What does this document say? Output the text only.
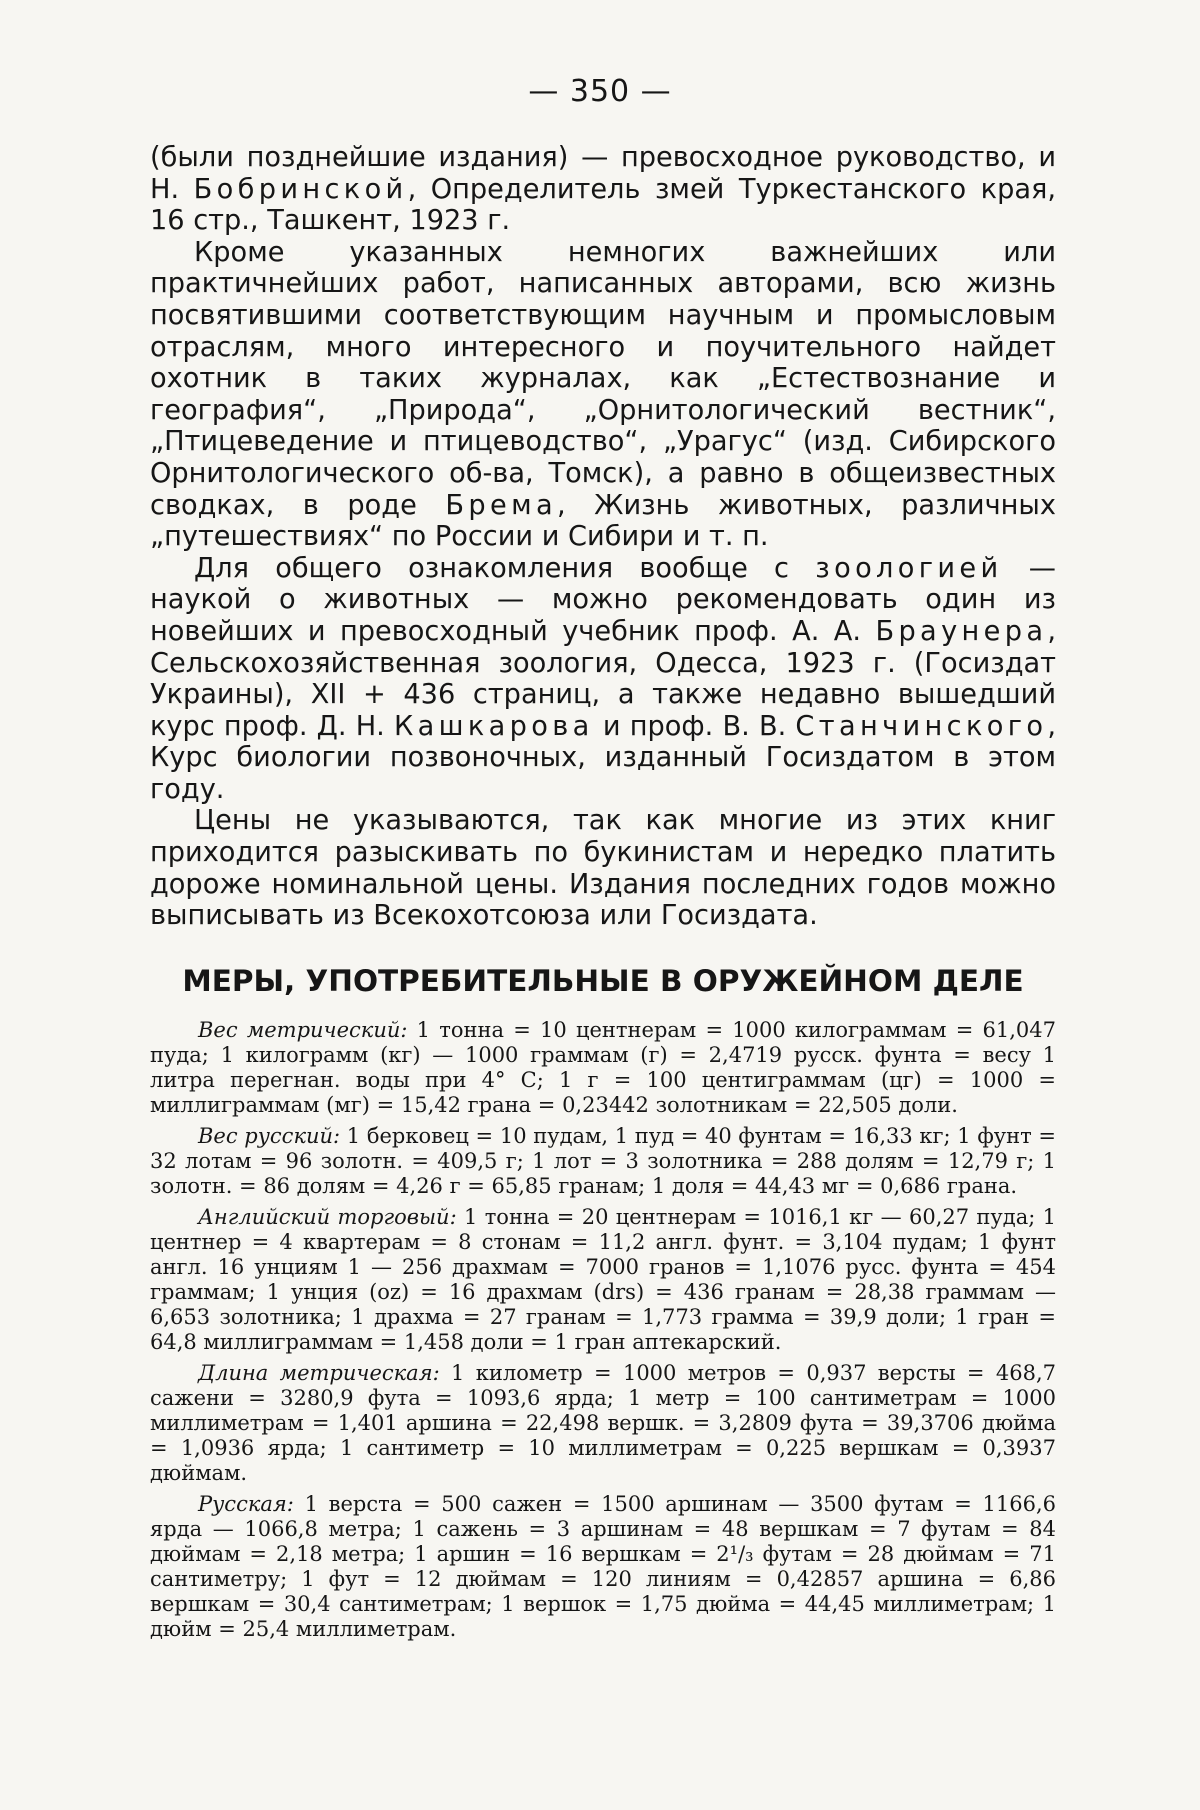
— 350 —

(были позднейшие издания) — превосходное руководство, и Н. Бобринской, Определитель змей Туркестанского края, 16 стр., Ташкент, 1923 г.

Кроме указанных немногих важнейших или практичнейших работ, написанных авторами, всю жизнь посвятившими соответствующим научным и промысловым отраслям, много интересного и поучительного найдет охотник в таких журналах, как „Естествознание и география“, „Природа“, „Орнитологический вестник“, „Птицеведение и птицеводство“, „Урагус“ (изд. Сибирского Орнитологического об-ва, Томск), а равно в общеизвестных сводках, в роде Брема, Жизнь животных, различных „путешествиях“ по России и Сибири и т. п.

Для общего ознакомления вообще с зоологией — наукой о животных — можно рекомендовать один из новейших и превосходный учебник проф. А. А. Браунера, Сельскохозяйственная зоология, Одесса, 1923 г. (Госиздат Украины), XII + 436 страниц, а также недавно вышедший курс проф. Д. Н. Кашкарова и проф. В. В. Станчинского, Курс биологии позвоночных, изданный Госиздатом в этом году.

Цены не указываются, так как многие из этих книг приходится разыскивать по букинистам и нередко платить дороже номинальной цены. Издания последних годов можно выписывать из Всекохотсоюза или Госиздата.

МЕРЫ, УПОТРЕБИТЕЛЬНЫЕ В ОРУЖЕЙНОМ ДЕЛЕ

Вес метрический: 1 тонна = 10 центнерам = 1000 килограммам = 61,047 пуда; 1 килограмм (кг) — 1000 граммам (г) = 2,4719 русск. фунта = весу 1 литра перегнан. воды при 4° С; 1 г = 100 центиграммам (цг) = 1000 = миллиграммам (мг) = 15,42 грана = 0,23442 золотникам = 22,505 доли.

Вес русский: 1 берковец = 10 пудам, 1 пуд = 40 фунтам = 16,33 кг; 1 фунт = 32 лотам = 96 золотн. = 409,5 г; 1 лот = 3 золотника = 288 долям = 12,79 г; 1 золотн. = 86 долям = 4,26 г = 65,85 гранам; 1 доля = 44,43 мг = 0,686 грана.

Английский торговый: 1 тонна = 20 центнерам = 1016,1 кг — 60,27 пуда; 1 центнер = 4 квартерам = 8 стонам = 11,2 англ. фунт. = 3,104 пудам; 1 фунт англ. 16 унциям 1 — 256 драхмам = 7000 гранов = 1,1076 русс. фунта = 454 граммам; 1 унция (oz) = 16 драхмам (drs) = 436 гранам = 28,38 граммам — 6,653 золотника; 1 драхма = 27 гранам = 1,773 грамма = 39,9 доли; 1 гран = 64,8 миллиграммам = 1,458 доли = 1 гран аптекарский.

Длина метрическая: 1 километр = 1000 метров = 0,937 версты = 468,7 сажени = 3280,9 фута = 1093,6 ярда; 1 метр = 100 сантиметрам = 1000 миллиметрам = 1,401 аршина = 22,498 вершк. = 3,2809 фута = 39,3706 дюйма = 1,0936 ярда; 1 сантиметр = 10 миллиметрам = 0,225 вершкам = 0,3937 дюймам.

Русская: 1 верста = 500 сажен = 1500 аршинам — 3500 футам = 1166,6 ярда — 1066,8 метра; 1 сажень = 3 аршинам = 48 вершкам = 7 футам = 84 дюймам = 2,18 метра; 1 аршин = 16 вершкам = 2¹/₃ футам = 28 дюймам = 71 сантиметру; 1 фут = 12 дюймам = 120 линиям = 0,42857 аршина = 6,86 вершкам = 30,4 сантиметрам; 1 вершок = 1,75 дюйма = 44,45 миллиметрам; 1 дюйм = 25,4 миллиметрам.
